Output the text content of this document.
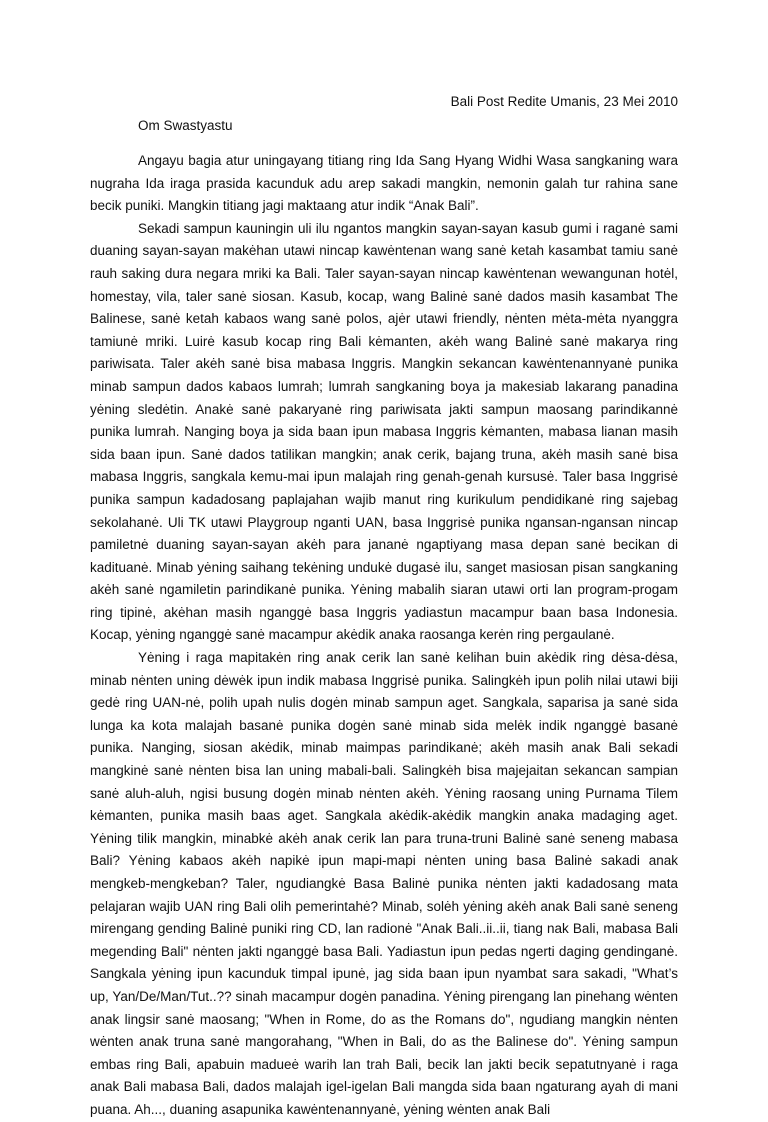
Bali Post Redite Umanis, 23 Mei 2010
Om Swastyastu

Angayu bagia atur uningayang titiang ring Ida Sang Hyang Widhi Wasa sangkaning wara nugraha Ida iraga prasida kacunduk adu arep sakadi mangkin, nemonin galah tur rahina sane becik puniki. Mangkin titiang jagi maktaang atur indik “Anak Bali”.

Sekadi sampun kauningin uli ilu ngantos mangkin sayan-sayan kasub gumi i raganė sami duaning sayan-sayan makėhan utawi nincap kawėntenan wang sanė ketah kasambat tamiu sanė rauh saking dura negara mriki ka Bali. Taler sayan-sayan nincap kawėntenan wewangunan hotėl, homestay, vila, taler sanė siosan. Kasub, kocap, wang Balinė sanė dados masih kasambat The Balinese, sanė ketah kabaos wang sanė polos, ajėr utawi friendly, nėnten mėta-mėta nyanggra tamiunė mriki. Luirė kasub kocap ring Bali kėmanten, akėh wang Balinė sanė makarya ring pariwisata. Taler akėh sanė bisa mabasa Inggris. Mangkin sekancan kawėntenannyanė punika minab sampun dados kabaos lumrah; lumrah sangkaning boya ja makesiab lakarang panadina yėning sledėtin. Anakė sanė pakaryanė ring pariwisata jakti sampun maosang parindikannė punika lumrah. Nanging boya ja sida baan ipun mabasa Inggris kėmanten, mabasa lianan masih sida baan ipun. Sanė dados tatilikan mangkin; anak cerik, bajang truna, akėh masih sanė bisa mabasa Inggris, sangkala kemu-mai ipun malajah ring genah-genah kursusė. Taler basa Inggrisė punika sampun kadadosang paplajahan wajib manut ring kurikulum pendidikanė ring sajebag sekolahanė. Uli TK utawi Playgroup nganti UAN, basa Inggrisė punika ngansan-ngansan nincap pamiletnė duaning sayan-sayan akėh para jananė ngaptiyang masa depan sanė becikan di kadituanė. Minab yėning saihang tekėning undukė dugasė ilu, sanget masiosan pisan sangkaning akėh sanė ngamiletin parindikanė punika. Yėning mabalih siaran utawi orti lan program-progam ring tipinė, akėhan masih nganggė basa Inggris yadiastun macampur baan basa Indonesia. Kocap, yėning nganggė sanė macampur akėdik anaka raosanga kerėn ring pergaulanė.

Yėning i raga mapitakėn ring anak cerik lan sanė kelihan buin akėdik ring dėsa-dėsa, minab nėnten uning dėwėk ipun indik mabasa Inggrisė punika. Salingkėh ipun polih nilai utawi biji gedė ring UAN-nė, polih upah nulis dogėn minab sampun aget. Sangkala, saparisa ja sanė sida lunga ka kota malajah basanė punika dogėn sanė minab sida melėk indik nganggė basanė punika. Nanging, siosan akėdik, minab maimpas parindikanė; akėh masih anak Bali sekadi mangkinė sanė nėnten bisa lan uning mabali-bali. Salingkėh bisa majejaitan sekancan sampian sanė aluh-aluh, ngisi busung dogėn minab nėnten akėh. Yėning raosang uning Purnama Tilem kėmanten, punika masih baas aget. Sangkala akėdik-akėdik mangkin anaka madaging aget. Yėning tilik mangkin, minabkė akėh anak cerik lan para truna-truni Balinė sanė seneng mabasa Bali? Yėning kabaos akėh napikė ipun mapi-mapi nėnten uning basa Balinė sakadi anak mengkeb-mengkeban? Taler, ngudiangkė Basa Balinė punika nėnten jakti kadadosang mata pelajaran wajib UAN ring Bali olih pemerintahė? Minab, solėh yėning akėh anak Bali sanė seneng mirengang gending Balinė puniki ring CD, lan radionė "Anak Bali..ii..ii, tiang nak Bali, mabasa Bali megending Bali" nėnten jakti nganggė basa Bali. Yadiastun ipun pedas ngerti daging gendinganė. Sangkala yėning ipun kacunduk timpal ipunė, jag sida baan ipun nyambat sara sakadi, "What’s up, Yan/De/Man/Tut..?? sinah macampur dogėn panadina. Yėning pirengang lan pinehang wėnten anak lingsir sanė maosang; "When in Rome, do as the Romans do", ngudiang mangkin nėnten wėnten anak truna sanė mangorahang, "When in Bali, do as the Balinese do". Yėning sampun embas ring Bali, apabuin madueė warih lan trah Bali, becik lan jakti becik sepatutnyanė i raga anak Bali mabasa Bali, dados malajah igel-igelan Bali mangda sida baan ngaturang ayah di mani puana. Ah..., duaning asapunika kawėntenannyanė, yėning wėnten anak Bali
